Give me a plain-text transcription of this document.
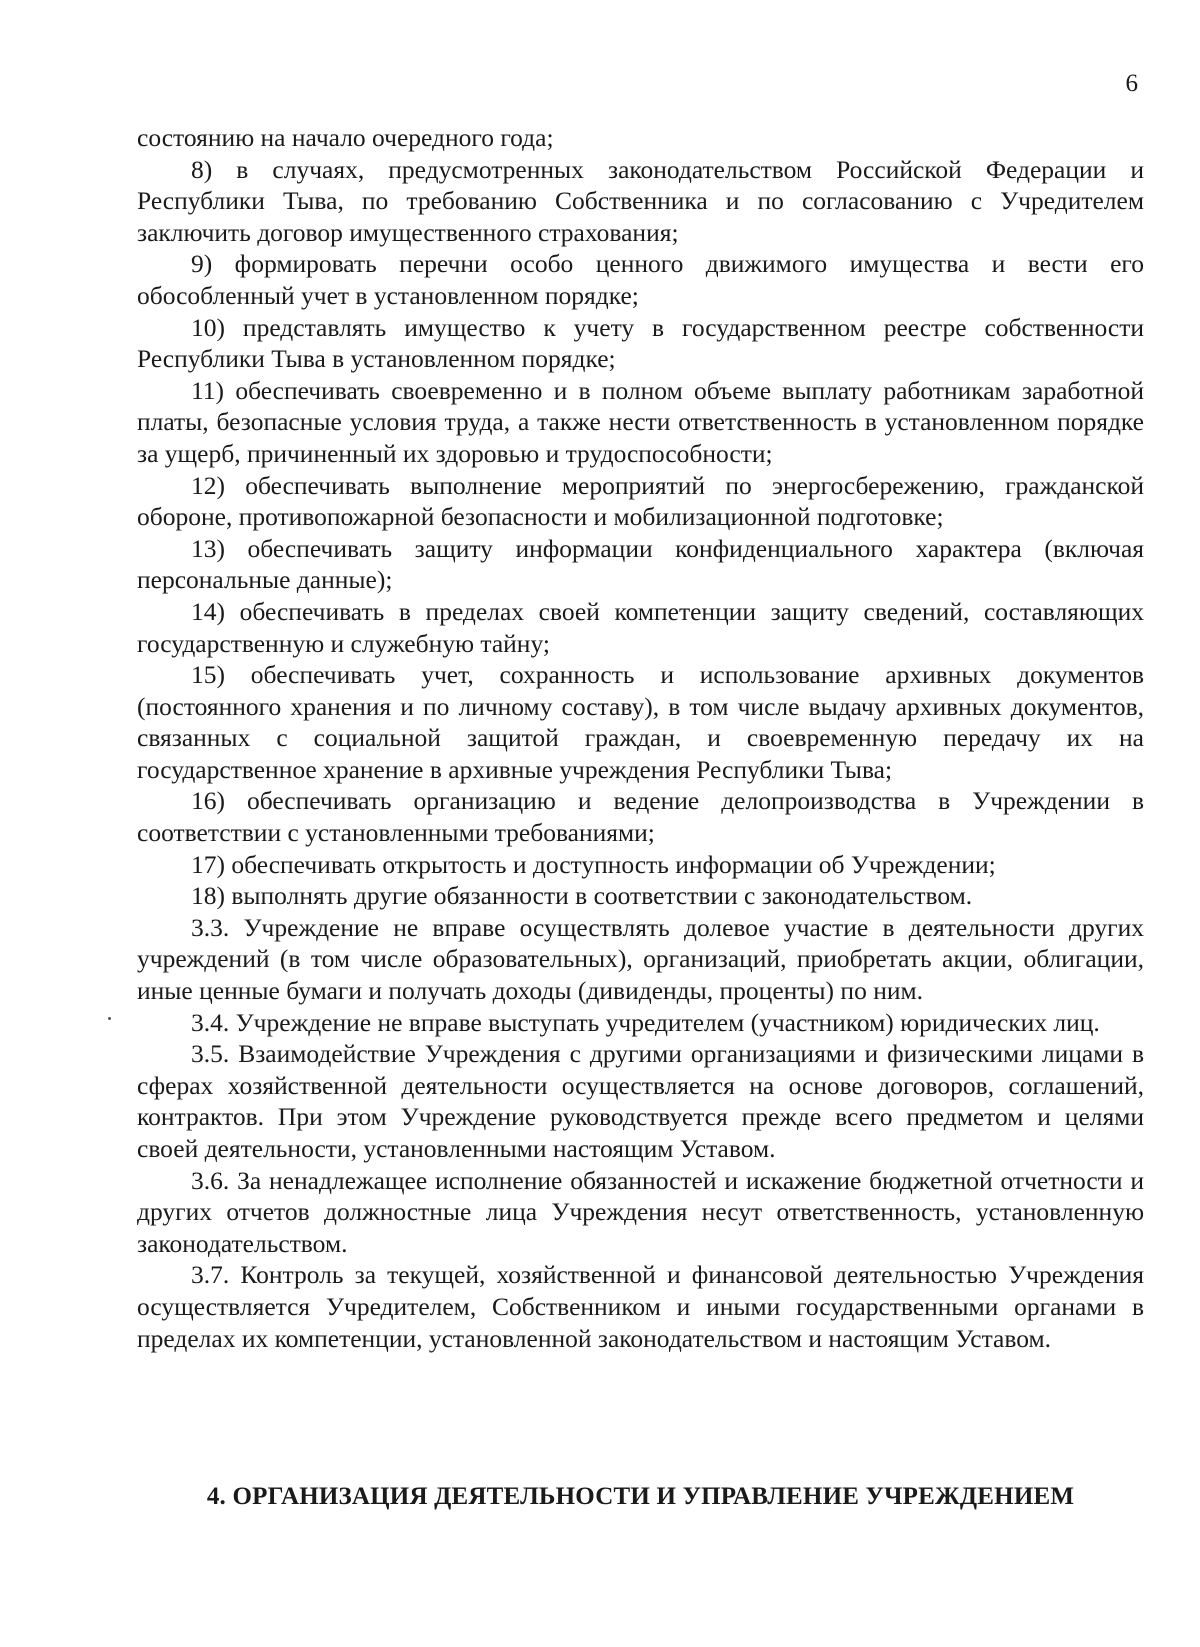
6

состоянию на начало очередного года;

8) в случаях, предусмотренных законодательством Российской Федерации и Республики Тыва, по требованию Собственника и по согласованию с Учредителем заключить договор имущественного страхования;

9) формировать перечни особо ценного движимого имущества и вести его обособленный учет в установленном порядке;

10) представлять имущество к учету в государственном реестре собственности Республики Тыва в установленном порядке;

11) обеспечивать своевременно и в полном объеме выплату работникам заработной платы, безопасные условия труда, а также нести ответственность в установленном порядке за ущерб, причиненный их здоровью и трудоспособности;

12) обеспечивать выполнение мероприятий по энергосбережению, гражданской обороне, противопожарной безопасности и мобилизационной подготовке;

13) обеспечивать защиту информации конфиденциального характера (включая персональные данные);

14) обеспечивать в пределах своей компетенции защиту сведений, составляющих государственную и служебную тайну;

15) обеспечивать учет, сохранность и использование архивных документов (постоянного хранения и по личному составу), в том числе выдачу архивных документов, связанных с социальной защитой граждан, и своевременную передачу их на государственное хранение в архивные учреждения Республики Тыва;

16) обеспечивать организацию и ведение делопроизводства в Учреждении в соответствии с установленными требованиями;

17) обеспечивать открытость и доступность информации об Учреждении;

18) выполнять другие обязанности в соответствии с законодательством.

3.3. Учреждение не вправе осуществлять долевое участие в деятельности других учреждений (в том числе образовательных), организаций, приобретать акции, облигации, иные ценные бумаги и получать доходы (дивиденды, проценты) по ним.

3.4. Учреждение не вправе выступать учредителем (участником) юридических лиц.

3.5. Взаимодействие Учреждения с другими организациями и физическими лицами в сферах хозяйственной деятельности осуществляется на основе договоров, соглашений, контрактов. При этом Учреждение руководствуется прежде всего предметом и целями своей деятельности, установленными настоящим Уставом.

3.6. За ненадлежащее исполнение обязанностей и искажение бюджетной отчетности и других отчетов должностные лица Учреждения несут ответственность, установленную законодательством.

3.7. Контроль за текущей, хозяйственной и финансовой деятельностью Учреждения осуществляется Учредителем, Собственником и иными государственными органами в пределах их компетенции, установленной законодательством и настоящим Уставом.

4. ОРГАНИЗАЦИЯ ДЕЯТЕЛЬНОСТИ И УПРАВЛЕНИЕ УЧРЕЖДЕНИЕМ
